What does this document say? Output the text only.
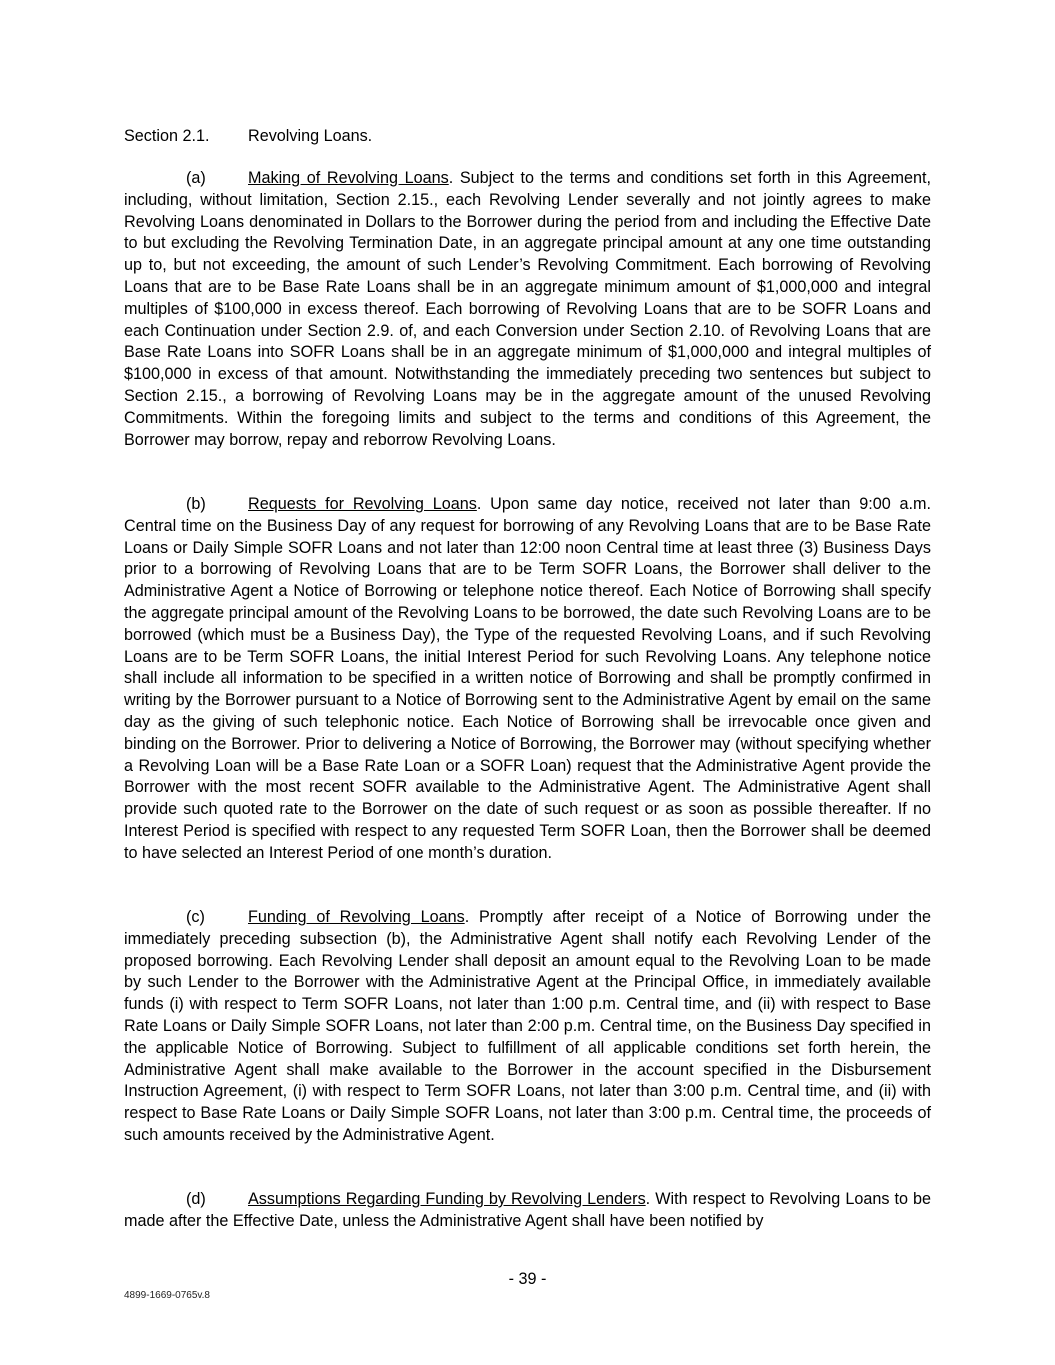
Section 2.1. Revolving Loans.

(a)	Making of Revolving Loans. Subject to the terms and conditions set forth in this Agreement, including, without limitation, Section 2.15., each Revolving Lender severally and not jointly agrees to make Revolving Loans denominated in Dollars to the Borrower during the period from and including the Effective Date to but excluding the Revolving Termination Date, in an aggregate principal amount at any one time outstanding up to, but not exceeding, the amount of such Lender’s Revolving Commitment. Each borrowing of Revolving Loans that are to be Base Rate Loans shall be in an aggregate minimum amount of $1,000,000 and integral multiples of $100,000 in excess thereof. Each borrowing of Revolving Loans that are to be SOFR Loans and each Continuation under Section 2.9. of, and each Conversion under Section 2.10. of Revolving Loans that are Base Rate Loans into SOFR Loans shall be in an aggregate minimum of $1,000,000 and integral multiples of $100,000 in excess of that amount. Notwithstanding the immediately preceding two sentences but subject to Section 2.15., a borrowing of Revolving Loans may be in the aggregate amount of the unused Revolving Commitments. Within the foregoing limits and subject to the terms and conditions of this Agreement, the Borrower may borrow, repay and reborrow Revolving Loans.

(b)	Requests for Revolving Loans. Upon same day notice, received not later than 9:00 a.m. Central time on the Business Day of any request for borrowing of any Revolving Loans that are to be Base Rate Loans or Daily Simple SOFR Loans and not later than 12:00 noon Central time at least three (3) Business Days prior to a borrowing of Revolving Loans that are to be Term SOFR Loans, the Borrower shall deliver to the Administrative Agent a Notice of Borrowing or telephone notice thereof. Each Notice of Borrowing shall specify the aggregate principal amount of the Revolving Loans to be borrowed, the date such Revolving Loans are to be borrowed (which must be a Business Day), the Type of the requested Revolving Loans, and if such Revolving Loans are to be Term SOFR Loans, the initial Interest Period for such Revolving Loans. Any telephone notice shall include all information to be specified in a written notice of Borrowing and shall be promptly confirmed in writing by the Borrower pursuant to a Notice of Borrowing sent to the Administrative Agent by email on the same day as the giving of such telephonic notice. Each Notice of Borrowing shall be irrevocable once given and binding on the Borrower. Prior to delivering a Notice of Borrowing, the Borrower may (without specifying whether a Revolving Loan will be a Base Rate Loan or a SOFR Loan) request that the Administrative Agent provide the Borrower with the most recent SOFR available to the Administrative Agent. The Administrative Agent shall provide such quoted rate to the Borrower on the date of such request or as soon as possible thereafter. If no Interest Period is specified with respect to any requested Term SOFR Loan, then the Borrower shall be deemed to have selected an Interest Period of one month’s duration.

(c)	Funding of Revolving Loans. Promptly after receipt of a Notice of Borrowing under the immediately preceding subsection (b), the Administrative Agent shall notify each Revolving Lender of the proposed borrowing. Each Revolving Lender shall deposit an amount equal to the Revolving Loan to be made by such Lender to the Borrower with the Administrative Agent at the Principal Office, in immediately available funds (i) with respect to Term SOFR Loans, not later than 1:00 p.m. Central time, and (ii) with respect to Base Rate Loans or Daily Simple SOFR Loans, not later than 2:00 p.m. Central time, on the Business Day specified in the applicable Notice of Borrowing. Subject to fulfillment of all applicable conditions set forth herein, the Administrative Agent shall make available to the Borrower in the account specified in the Disbursement Instruction Agreement, (i) with respect to Term SOFR Loans, not later than 3:00 p.m. Central time, and (ii) with respect to Base Rate Loans or Daily Simple SOFR Loans, not later than 3:00 p.m. Central time, the proceeds of such amounts received by the Administrative Agent.

(d)	Assumptions Regarding Funding by Revolving Lenders. With respect to Revolving Loans to be made after the Effective Date, unless the Administrative Agent shall have been notified by

- 39 -
4899-1669-0765v.8
